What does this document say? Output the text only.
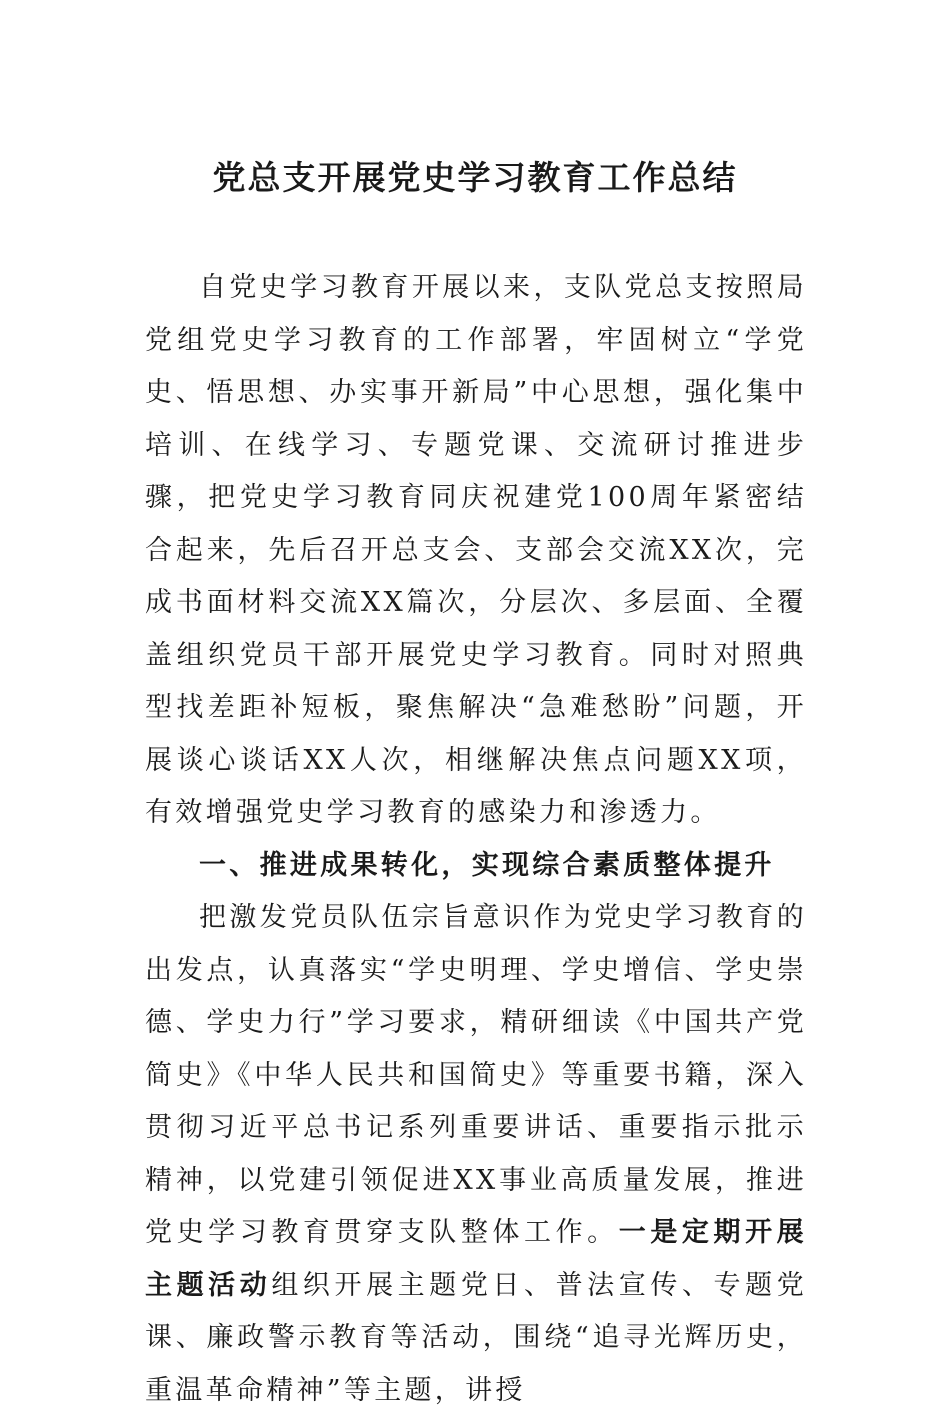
党总支开展党史学习教育工作总结

自党史学习教育开展以来，支队党总支按照局党组党史学习教育的工作部署，牢固树立“学党史、悟思想、办实事开新局”中心思想，强化集中培训、在线学习、专题党课、交流研讨推进步骤，把党史学习教育同庆祝建党100周年紧密结合起来，先后召开总支会、支部会交流XX次，完成书面材料交流XX篇次，分层次、多层面、全覆盖组织党员干部开展党史学习教育。同时对照典型找差距补短板，聚焦解决“急难愁盼”问题，开展谈心谈话XX人次，相继解决焦点问题XX项，有效增强党史学习教育的感染力和渗透力。

一、推进成果转化，实现综合素质整体提升

把激发党员队伍宗旨意识作为党史学习教育的出发点，认真落实“学史明理、学史增信、学史崇德、学史力行”学习要求，精研细读《中国共产党简史》《中华人民共和国简史》等重要书籍，深入贯彻习近平总书记系列重要讲话、重要指示批示精神，以党建引领促进XX事业高质量发展，推进党史学习教育贯穿支队整体工作。一是定期开展主题活动组织开展主题党日、普法宣传、专题党课、廉政警示教育等活动，围绕“追寻光辉历史，重温革命精神”等主题，讲授
